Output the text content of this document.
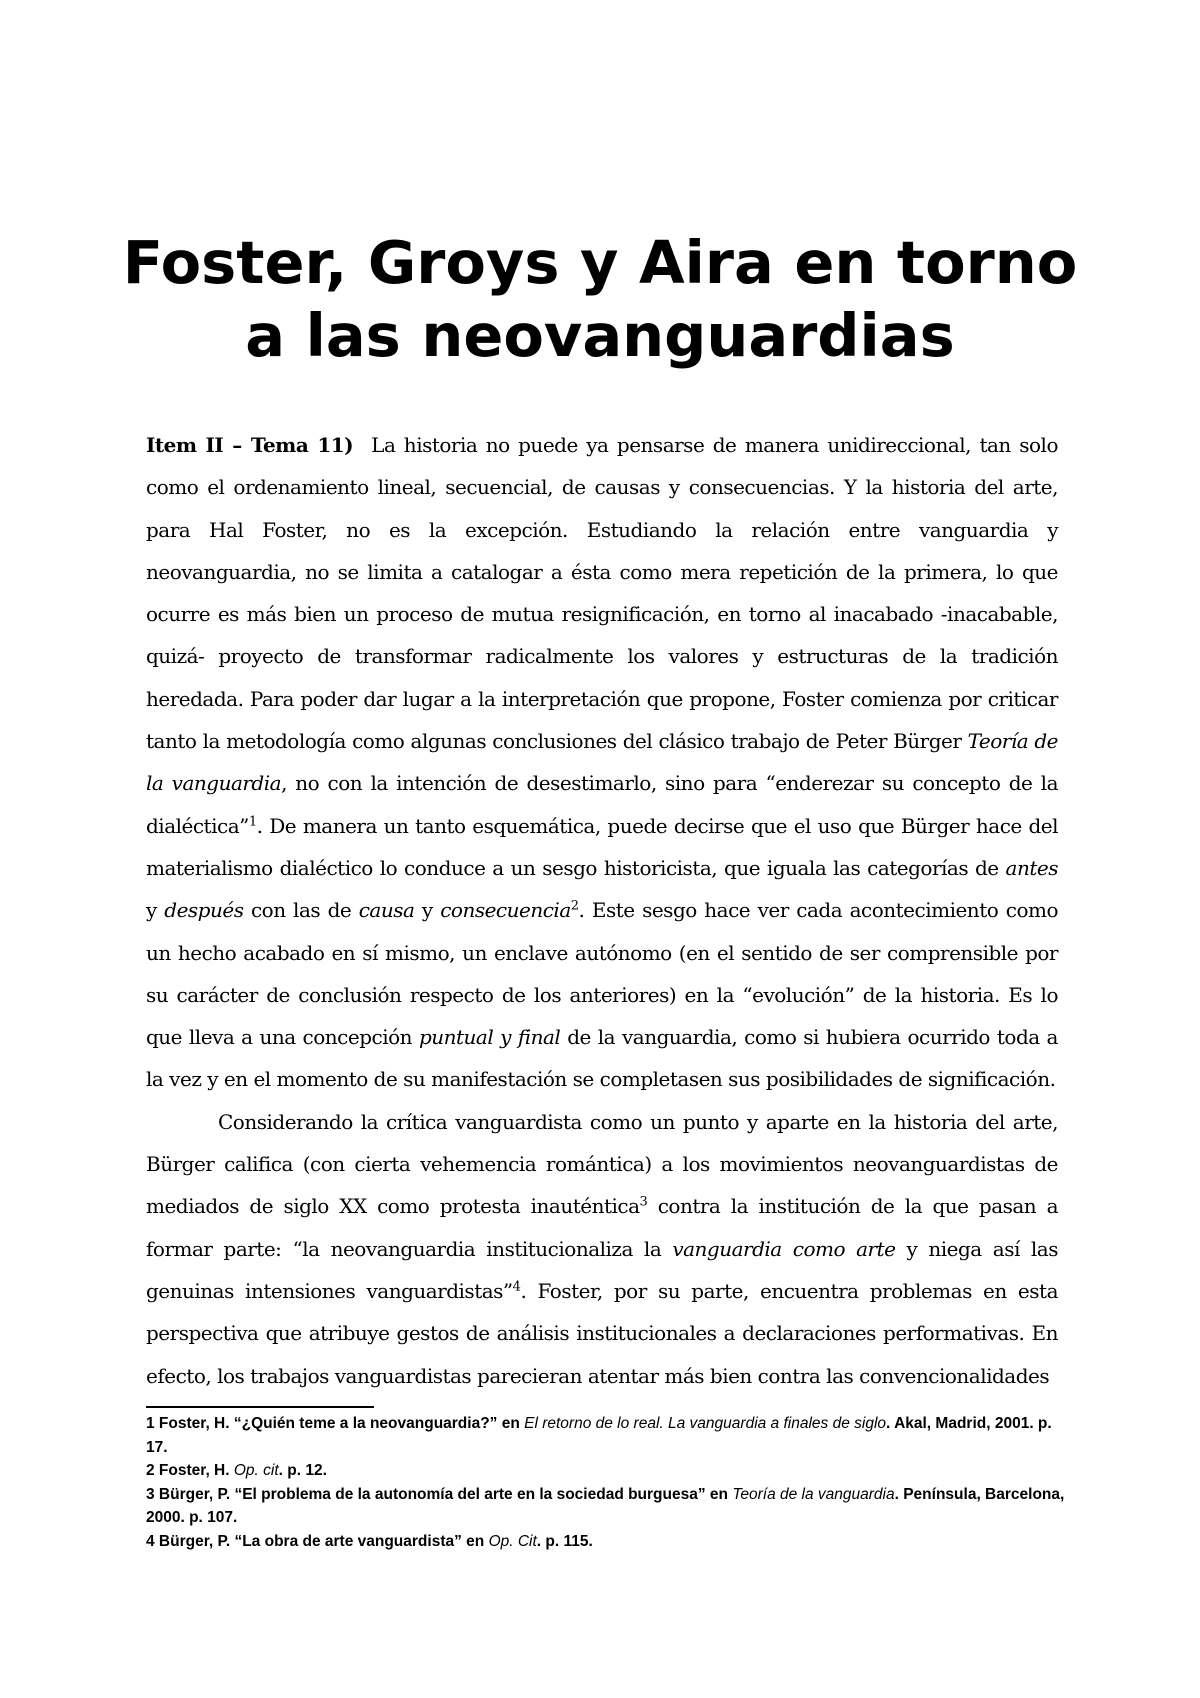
Foster, Groys y Aira en torno
a las neovanguardias

Item II – Tema 11) La historia no puede ya pensarse de manera unidireccional, tan solo como el ordenamiento lineal, secuencial, de causas y consecuencias. Y la historia del arte, para Hal Foster, no es la excepción. Estudiando la relación entre vanguardia y neovanguardia, no se limita a catalogar a ésta como mera repetición de la primera, lo que ocurre es más bien un proceso de mutua resignificación, en torno al inacabado -inacabable, quizá- proyecto de transformar radicalmente los valores y estructuras de la tradición heredada. Para poder dar lugar a la interpretación que propone, Foster comienza por criticar tanto la metodología como algunas conclusiones del clásico trabajo de Peter Bürger Teoría de la vanguardia, no con la intención de desestimarlo, sino para “enderezar su concepto de la dialéctica”$^1$. De manera un tanto esquemática, puede decirse que el uso que Bürger hace del materialismo dialéctico lo conduce a un sesgo historicista, que iguala las categorías de antes y después con las de causa y consecuencia$^2$. Este sesgo hace ver cada acontecimiento como un hecho acabado en sí mismo, un enclave autónomo (en el sentido de ser comprensible por su carácter de conclusión respecto de los anteriores) en la “evolución” de la historia. Es lo que lleva a una concepción puntual y final de la vanguardia, como si hubiera ocurrido toda a la vez y en el momento de su manifestación se completasen sus posibilidades de significación.

Considerando la crítica vanguardista como un punto y aparte en la historia del arte, Bürger califica (con cierta vehemencia romántica) a los movimientos neovanguardistas de mediados de siglo XX como protesta inauténtica$^3$ contra la institución de la que pasan a formar parte: “la neovanguardia institucionaliza la vanguardia como arte y niega así las genuinas intensiones vanguardistas”$^4$. Foster, por su parte, encuentra problemas en esta perspectiva que atribuye gestos de análisis institucionales a declaraciones performativas. En efecto, los trabajos vanguardistas parecieran atentar más bien contra las convencionalidades

1 Foster, H. “¿Quién teme a la neovanguardia?” en El retorno de lo real. La vanguardia a finales de siglo. Akal, Madrid, 2001. p. 17.
2 Foster, H. Op. cit. p. 12.
3 Bürger, P. “El problema de la autonomía del arte en la sociedad burguesa” en Teoría de la vanguardia. Península, Barcelona, 2000. p. 107.
4 Bürger, P. “La obra de arte vanguardista” en Op. Cit. p. 115.
